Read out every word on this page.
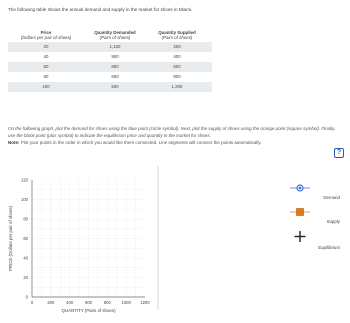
The following table shows the annual demand and supply in the market for shoes in Miami.
Price	Quantity Demanded	Quantity Supplied
(Dollars per pair of shoes)	(Pairs of shoes)	(Pairs of shoes)
20	1,100	200
40	900	400
60	800	500
80	600	900
100	500	1,200
On the following graph, plot the demand for shoes using the blue point (circle symbol). Next, plot the supply of shoes using the orange point (square symbol). Finally, use the black point (plus symbol) to indicate the equilibrium price and quantity in the market for shoes.
Note: Plot your points in the order in which you would like them connected. Line segments will connect the points automatically.
?
0	200	400	600	800	1000 1200
0
20
40
60
80
100
120
QUANTITY (Pairs of shoes)
PRICE (Dollars per pair of shoes)
Demand
Supply
Equilibrium
